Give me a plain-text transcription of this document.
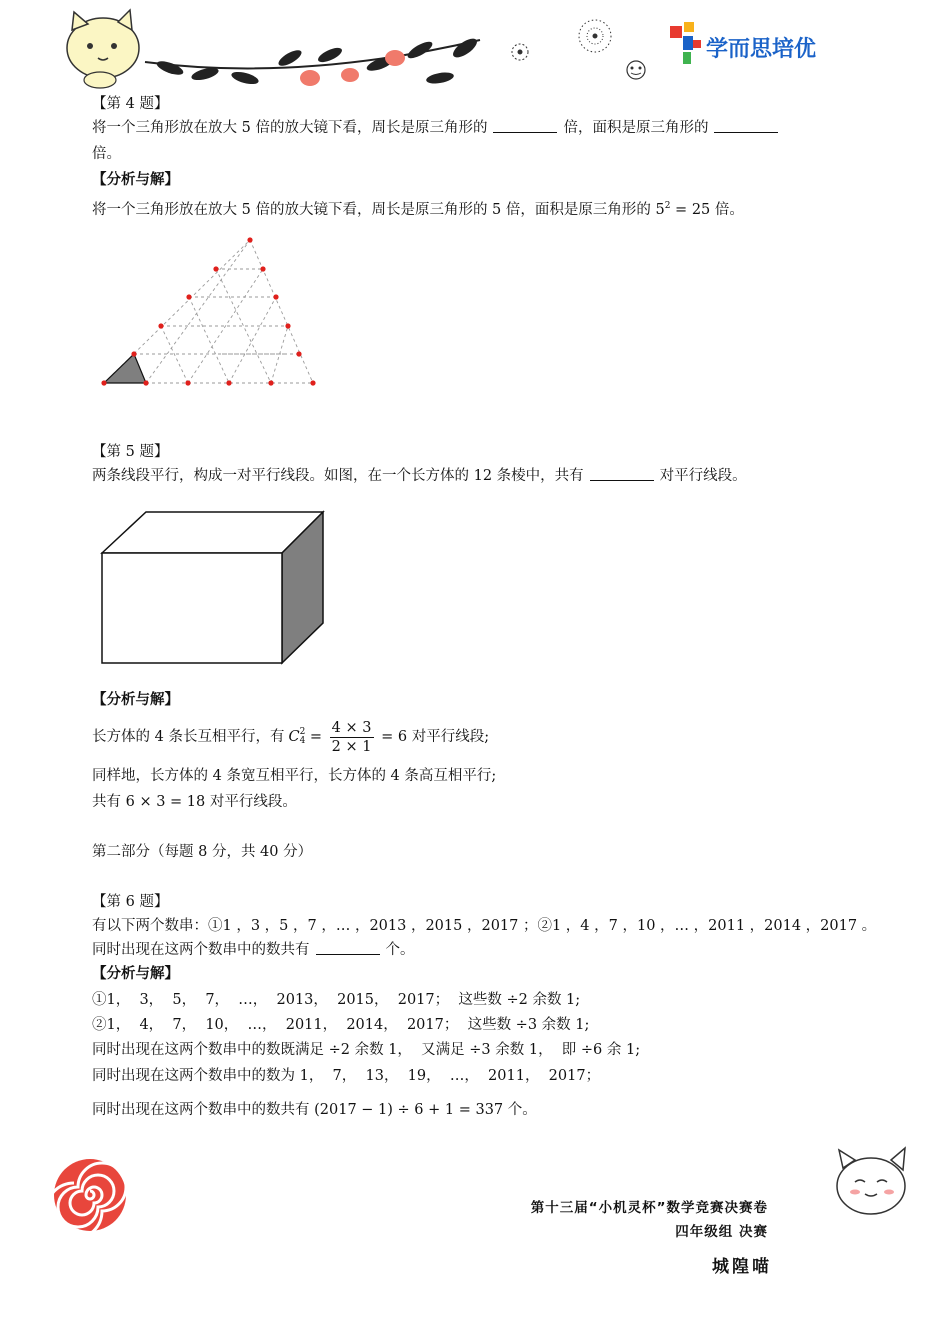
学而思培优
【第 4 题】
将一个三角形放在放大 5 倍的放大镜下看，周长是原三角形的	倍，面积是原三角形的
倍。
【分析与解】
将一个三角形放在放大 5 倍的放大镜下看，周长是原三角形的 5 倍，面积是原三角形的 $5^2 = 25$ 倍。
【第 5 题】
两条线段平行，构成一对平行线段。如图，在一个长方体的 12 条棱中，共有	对平行线段。
【分析与解】
长方体的 4 条长互相平行，有 C 2
$4 = \frac{4 \times 3}{2 \times 1} = 6$ 对平行线段;
同样地，长方体的 4 条宽互相平行，长方体的 4 条高互相平行;
共有 6 × 3 = 18 对平行线段。
第二部分（每题 8 分，共 40 分）
【第 6 题】
有以下两个数串：①1 ，3 ，5 ，7 ，… ，2013 ，2015 ，2017 ；②1 ，4 ，7 ，10 ，… ，2011 ，2014 ，2017 。
同时出现在这两个数串中的数共有	个。
【分析与解】
①1，  3，  5，  7，  …，  2013，  2015，  2017；  这些数 ÷2 余数 1;
②1，  4，  7，  10，  …，  2011，  2014，  2017；  这些数 ÷3 余数 1;
同时出现在这两个数串中的数既满足 ÷2 余数 1，  又满足 ÷3 余数 1，  即 ÷6 余 1;
同时出现在这两个数串中的数为 1，  7，  13，  19，  …，  2011，  2017；
同时出现在这两个数串中的数共有 (2017 − 1) ÷ 6 + 1 = 337 个。
第十三届“小机灵杯”数学竞赛决赛卷
四年级组 决赛
城隍喵
